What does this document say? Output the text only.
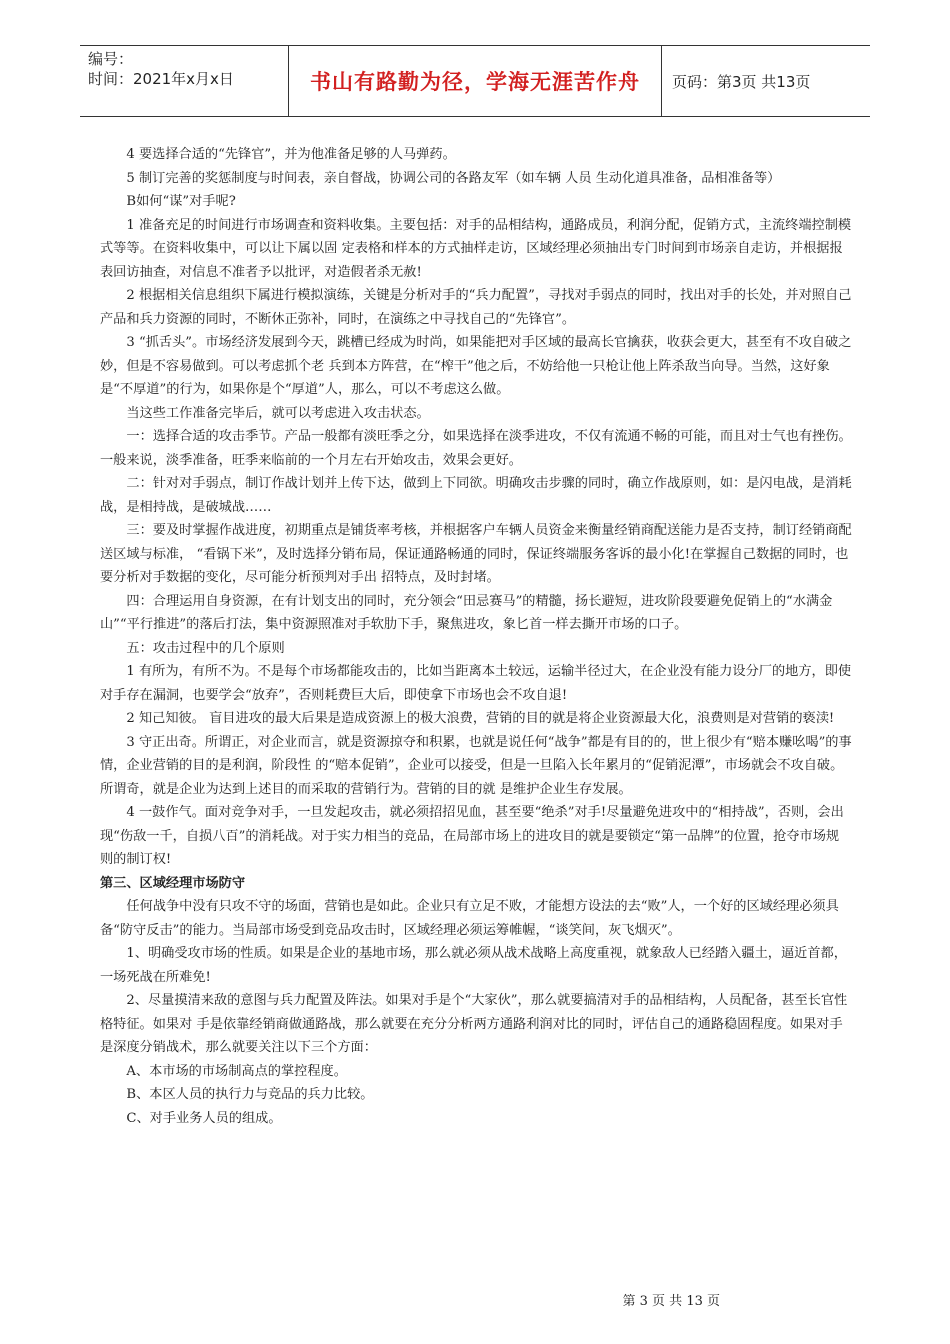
编号：
时间：2021年x月x日	书山有路勤为径，学海无涯苦作舟	页码：第3页 共13页

4 要选择合适的“先锋官”，并为他准备足够的人马弹药。

5 制订完善的奖惩制度与时间表，亲自督战，协调公司的各路友军（如车辆 人员 生动化道具准备，品相准备等）

B如何“谋”对手呢?

1 准备充足的时间进行市场调查和资料收集。主要包括：对手的品相结构，通路成员，利润分配，促销方式，主流终端控制模式等等。在资料收集中，可以让下属以固 定表格和样本的方式抽样走访，区域经理必须抽出专门时间到市场亲自走访，并根据报表回访抽查，对信息不准者予以批评，对造假者杀无赦!

2 根据相关信息组织下属进行模拟演练，关键是分析对手的“兵力配置”，寻找对手弱点的同时，找出对手的长处，并对照自己产品和兵力资源的同时，不断休正弥补，同时，在演练之中寻找自己的“先锋官”。

3 “抓舌头”。市场经济发展到今天，跳槽已经成为时尚，如果能把对手区域的最高长官擒获，收获会更大，甚至有不攻自破之妙，但是不容易做到。可以考虑抓个老 兵到本方阵营，在“榨干”他之后，不妨给他一只枪让他上阵杀敌当向导。当然，这好象是“不厚道”的行为，如果你是个“厚道”人，那么，可以不考虑这么做。

当这些工作准备完毕后，就可以考虑进入攻击状态。

一：选择合适的攻击季节。产品一般都有淡旺季之分，如果选择在淡季进攻，不仅有流通不畅的可能，而且对士气也有挫伤。一般来说，淡季准备，旺季来临前的一个月左右开始攻击，效果会更好。

二：针对对手弱点，制订作战计划并上传下达，做到上下同欲。明确攻击步骤的同时，确立作战原则，如：是闪电战，是消耗战，是相持战，是破城战……

三：要及时掌握作战进度，初期重点是铺货率考核，并根据客户车辆人员资金来衡量经销商配送能力是否支持，制订经销商配送区域与标准， “看锅下米”，及时选择分销布局，保证通路畅通的同时，保证终端服务客诉的最小化!在掌握自己数据的同时，也要分析对手数据的变化，尽可能分析预判对手出 招特点，及时封堵。

四：合理运用自身资源，在有计划支出的同时，充分领会“田忌赛马”的精髓，扬长避短，进攻阶段要避免促销上的“水满金山”“平行推进”的落后打法，集中资源照准对手软肋下手，聚焦进攻，象匕首一样去撕开市场的口子。

五：攻击过程中的几个原则

1 有所为，有所不为。不是每个市场都能攻击的，比如当距离本土较远，运输半径过大，在企业没有能力设分厂的地方，即使对手存在漏洞，也要学会“放弃”，否则耗费巨大后，即使拿下市场也会不攻自退!

2 知己知彼。 盲目进攻的最大后果是造成资源上的极大浪费，营销的目的就是将企业资源最大化，浪费则是对营销的亵渎!

3 守正出奇。所谓正，对企业而言，就是资源掠夺和积累，也就是说任何“战争”都是有目的的，世上很少有“赔本赚吆喝”的事情，企业营销的目的是利润，阶段性 的“赔本促销”，企业可以接受，但是一旦陷入长年累月的“促销泥潭”，市场就会不攻自破。所谓奇，就是企业为达到上述目的而采取的营销行为。营销的目的就 是维护企业生存发展。

4 一鼓作气。面对竞争对手，一旦发起攻击，就必须招招见血，甚至要“绝杀”对手!尽量避免进攻中的“相持战”，否则，会出现“伤敌一千，自损八百”的消耗战。对于实力相当的竞品，在局部市场上的进攻目的就是要锁定“第一品牌”的位置，抢夺市场规则的制订权!

第三、区域经理市场防守

任何战争中没有只攻不守的场面，营销也是如此。企业只有立足不败，才能想方设法的去“败”人，一个好的区域经理必须具备“防守反击”的能力。当局部市场受到竞品攻击时，区域经理必须运筹帷幄，“谈笑间，灰飞烟灭”。

1、明确受攻市场的性质。如果是企业的基地市场，那么就必须从战术战略上高度重视，就象敌人已经踏入疆土，逼近首都，一场死战在所难免!

2、尽量摸清来敌的意图与兵力配置及阵法。如果对手是个“大家伙”，那么就要搞清对手的品相结构，人员配备，甚至长官性格特征。如果对 手是依靠经销商做通路战，那么就要在充分分析两方通路利润对比的同时，评估自己的通路稳固程度。如果对手是深度分销战术，那么就要关注以下三个方面：

A、本市场的市场制高点的掌控程度。

B、本区人员的执行力与竞品的兵力比较。

C、对手业务人员的组成。

第 3 页 共 13 页
